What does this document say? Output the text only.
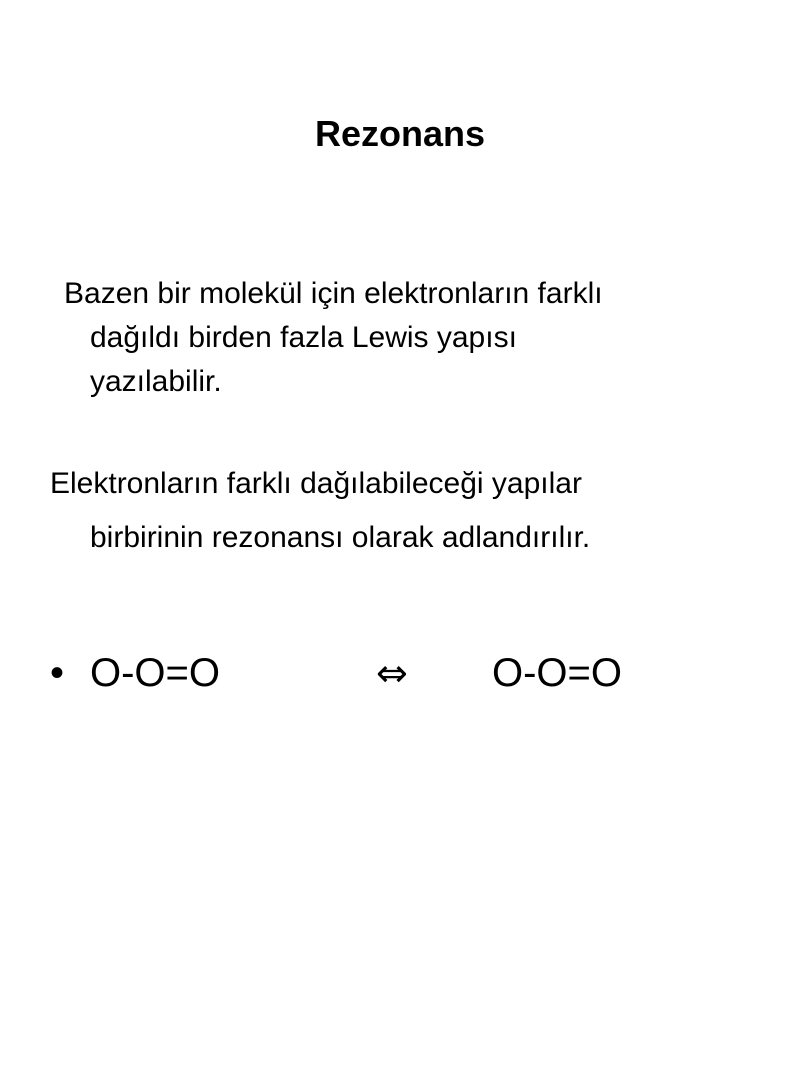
Rezonans
Bazen bir molekül için elektronların farklı
dağıldı birden fazla Lewis yapısı
yazılabilir.
Elektronların farklı dağılabileceği yapılar
birbirinin rezonansı olarak adlandırılır.
• O-O=O	⇔ O-O=O
